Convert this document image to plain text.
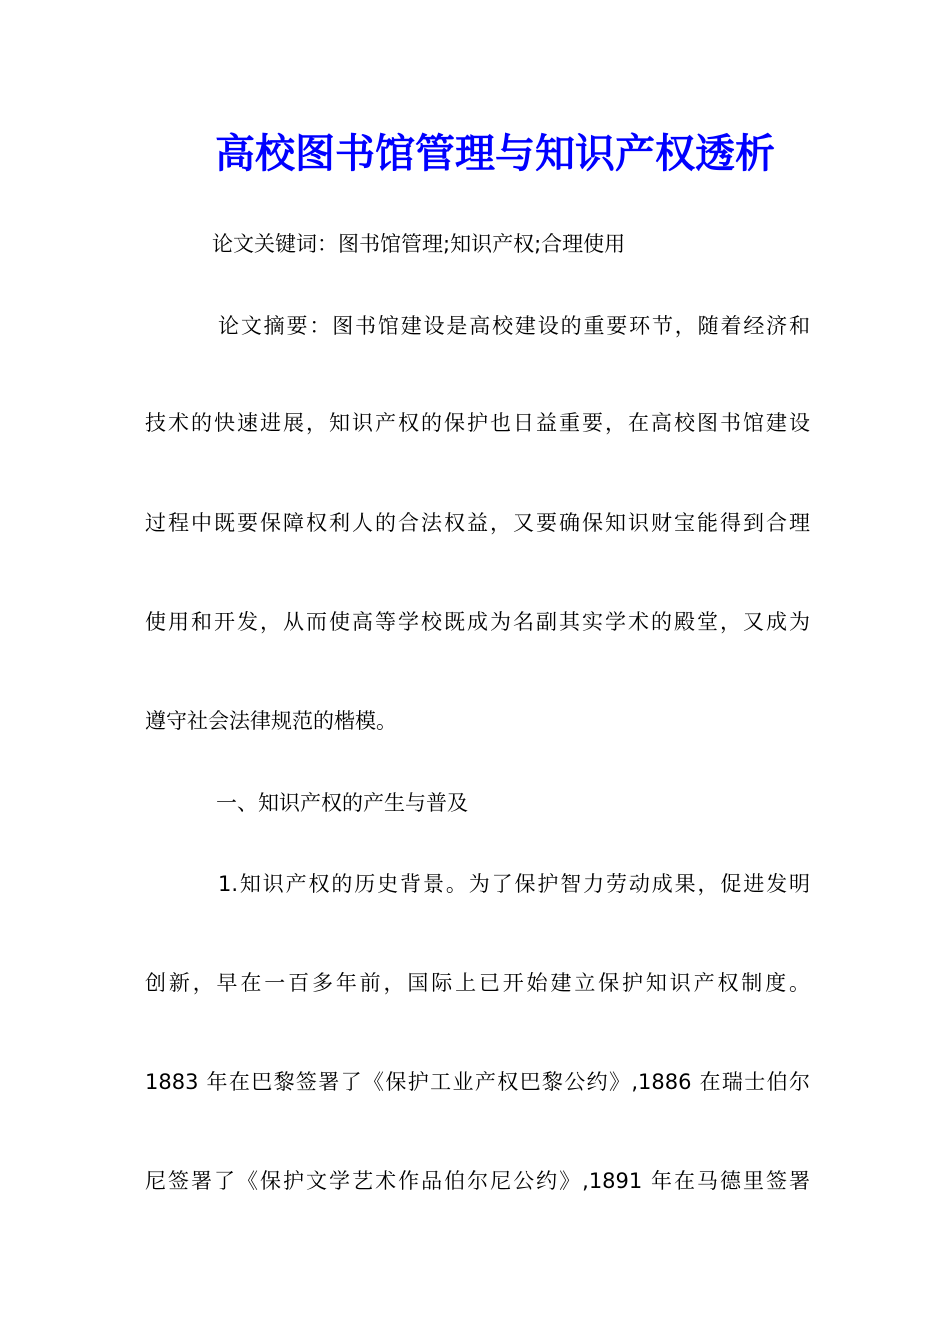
高校图书馆管理与知识产权透析
论文关键词：图书馆管理;知识产权;合理使用
论文摘要：图书馆建设是高校建设的重要环节，随着经济和
技术的快速进展，知识产权的保护也日益重要，在高校图书馆建设
过程中既要保障权利人的合法权益，又要确保知识财宝能得到合理
使用和开发，从而使高等学校既成为名副其实学术的殿堂，又成为
遵守社会法律规范的楷模。
一、知识产权的产生与普及
1.知识产权的历史背景。为了保护智力劳动成果，促进发明
创新，早在一百多年前，国际上已开始建立保护知识产权制度。
1883 年在巴黎签署了《保护工业产权巴黎公约》,1886 在瑞士伯尔
尼签署了《保护文学艺术作品伯尔尼公约》,1891 年在马德里签署
